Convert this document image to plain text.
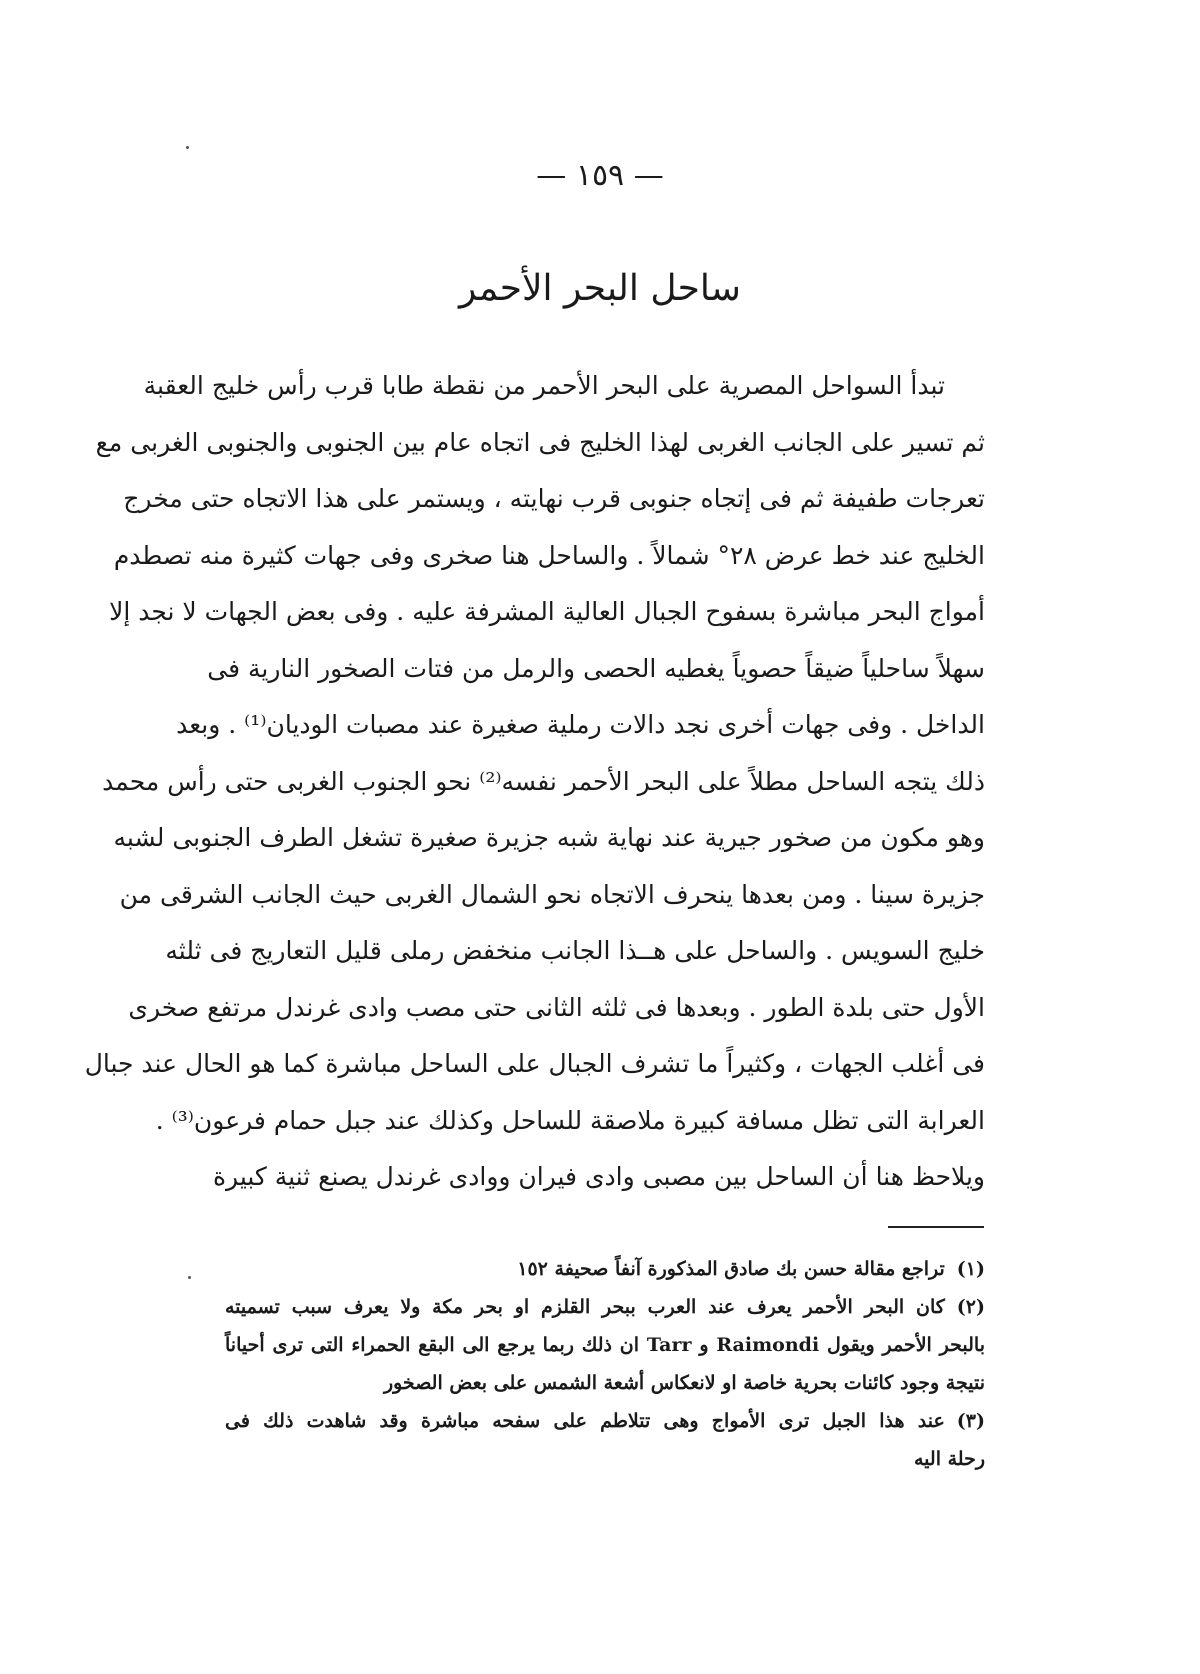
— ١٥٩ —
ساحل البحر الأحمر
تبدأ السواحل المصرية على البحر الأحمر من نقطة طابا قرب رأس خليج العقبة
ثم تسير على الجانب الغربى لهذا الخليج فى اتجاه عام بين الجنوبى والجنوبى الغربى مع
تعرجات طفيفة ثم فى إتجاه جنوبى قرب نهايته ، ويستمر على هذا الاتجاه حتى مخرج
الخليج عند خط عرض ٢٨° شمالاً . والساحل هنا صخرى وفى جهات كثيرة منه تصطدم
أمواج البحر مباشرة بسفوح الجبال العالية المشرفة عليه . وفى بعض الجهات لا نجد إلا
سهلاً ساحلياً ضيقاً حصوياً يغطيه الحصى والرمل من فتات الصخور النارية فى
الداخل . وفى جهات أخرى نجد دالات رملية صغيرة عند مصبات الوديان⁽¹⁾ . وبعد
ذلك يتجه الساحل مطلاً على البحر الأحمر نفسه⁽²⁾ نحو الجنوب الغربى حتى رأس محمد
وهو مكون من صخور جيرية عند نهاية شبه جزيرة صغيرة تشغل الطرف الجنوبى لشبه
جزيرة سينا . ومن بعدها ينحرف الاتجاه نحو الشمال الغربى حيث الجانب الشرقى من
خليج السويس . والساحل على هــذا الجانب منخفض رملى قليل التعاريج فى ثلثه
الأول حتى بلدة الطور . وبعدها فى ثلثه الثانى حتى مصب وادى غرندل مرتفع صخرى
فى أغلب الجهات ، وكثيراً ما تشرف الجبال على الساحل مباشرة كما هو الحال عند جبال
العرابة التى تظل مسافة كبيرة ملاصقة للساحل وكذلك عند جبل حمام فرعون⁽³⁾ .
ويلاحظ هنا أن الساحل بين مصبى وادى فيران ووادى غرندل يصنع ثنية كبيرة
(١)تراجع مقالة حسن بك صادق المذكورة آنفاً صحيفة ١٥٢
(٢)كان البحر الأحمر يعرف عند العرب ببحر القلزم او بحر مكة ولا يعرف سبب تسميته
بالبحر الأحمر ويقول Raimondi و Tarr ان ذلك ربما يرجع الى البقع الحمراء التى ترى أحياناً
نتيجة وجود كائنات بحرية خاصة او لانعكاس أشعة الشمس على بعض الصخور
(٣)عند هذا الجبل ترى الأمواج وهى تتلاطم على سفحه مباشرة وقد شاهدت ذلك فى
رحلة اليه
